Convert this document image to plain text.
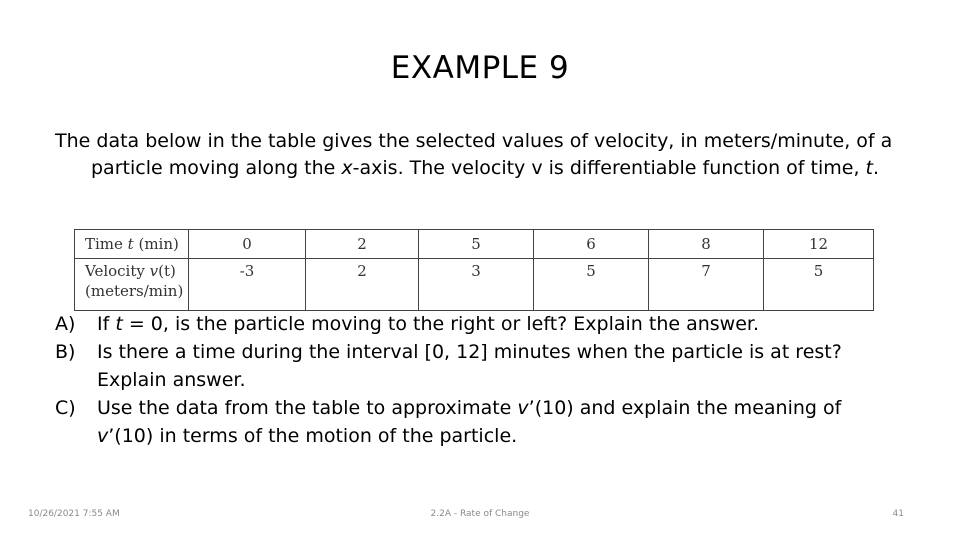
EXAMPLE 9

The data below in the table gives the selected values of velocity, in meters/minute, of a particle moving along the x-axis. The velocity v is differentiable function of time, t.

Time t (min)	0	2	5	6	8	12
Velocity v(t)
(meters/min)	-3	2	3	5	7	5
A) If t = 0, is the particle moving to the right or left? Explain the answer.
B) Is there a time during the interval [0, 12] minutes when the particle is at rest? Explain answer.
C) Use the data from the table to approximate v’(10) and explain the meaning of v’(10) in terms of the motion of the particle.
10/26/2021 7:55 AM	2.2A - Rate of Change	41
